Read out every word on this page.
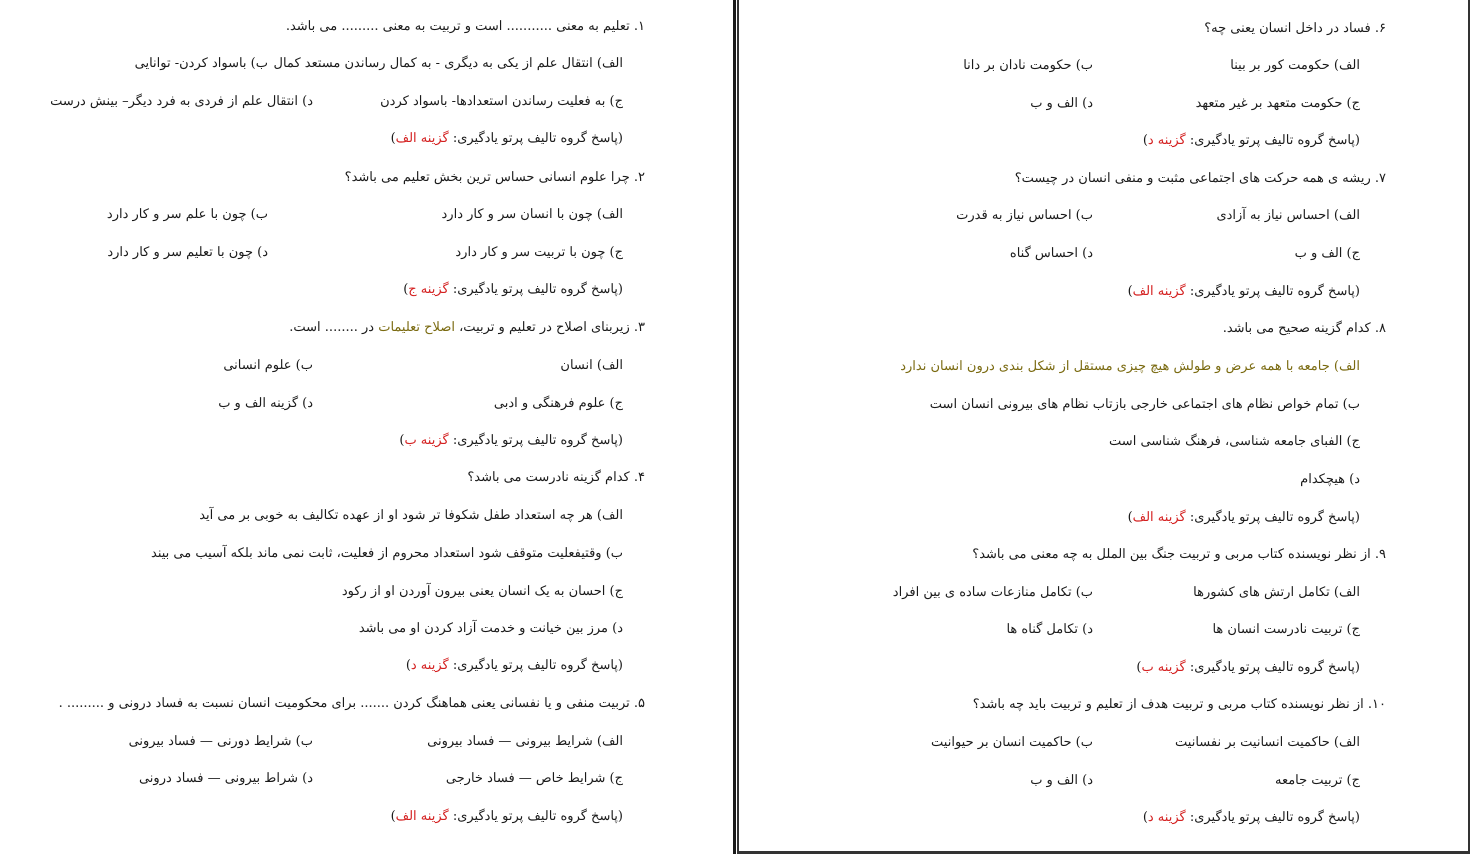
۱. تعلیم به معنی ........... است و تربیت به معنی ......... می باشد.
الف) انتقال علم از یکی به دیگری - به کمال رساندن مستعد کمال
ب) باسواد کردن- توانایی
ج) به فعلیت رساندن استعدادها- باسواد کردن
د) انتقال علم از فردی به فرد دیگر– بینش درست
(پاسخ گروه تالیف پرتو یادگیری: گزینه الف)
۲. چرا علوم انسانی حساس ترین بخش تعلیم می باشد؟
الف) چون با انسان سر و کار دارد
ب) چون با علم سر و کار دارد
ج) چون با تربیت سر و کار دارد
د) چون با تعلیم سر و کار دارد
(پاسخ گروه تالیف پرتو یادگیری: گزینه ج)
۳. زیربنای اصلاح در تعلیم و تربیت، اصلاح تعلیمات در ........ است.
الف) انسان
ب) علوم انسانی
ج) علوم فرهنگی و ادبی
د) گزینه الف و ب
(پاسخ گروه تالیف پرتو یادگیری: گزینه ب)
۴. کدام گزینه نادرست می باشد؟
الف) هر چه استعداد طفل شکوفا تر شود او از عهده تکالیف به خوبی بر می آید
ب) وقتیفعلیت متوقف شود استعداد محروم از فعلیت، ثابت نمی ماند بلکه آسیب می بیند
ج) احسان به یک انسان یعنی بیرون آوردن او از رکود
د) مرز بین خیانت و خدمت آزاد کردن او می باشد
(پاسخ گروه تالیف پرتو یادگیری: گزینه د)
۵. تربیت منفی و یا نفسانی یعنی هماهنگ کردن ....... برای محکومیت انسان نسبت به فساد درونی و ......... .
الف) شرایط بیرونی — فساد بیرونی
ب) شرایط دورنی — فساد بیرونی
ج) شرایط خاص — فساد خارجی
د) شراط بیرونی — فساد درونی
(پاسخ گروه تالیف پرتو یادگیری: گزینه الف)
۶. فساد در داخل انسان یعنی چه؟
الف) حکومت کور بر بینا
ب) حکومت نادان بر دانا
ج) حکومت متعهد بر غیر متعهد
د) الف و ب
(پاسخ گروه تالیف پرتو یادگیری: گزینه د)
۷. ریشه ی همه حرکت های اجتماعی مثبت و منفی انسان در چیست؟
الف) احساس نیاز به آزادی
ب) احساس نیاز به قدرت
ج) الف و ب
د) احساس گناه
(پاسخ گروه تالیف پرتو یادگیری: گزینه الف)
۸. کدام گزینه صحیح می باشد.
الف) جامعه با همه عرض و طولش هیچ چیزی مستقل از شکل بندی درون انسان ندارد
ب) تمام خواص نظام های اجتماعی خارجی بازتاب نظام های بیرونی انسان است
ج) الفبای جامعه شناسی، فرهنگ شناسی است
د) هیچکدام
(پاسخ گروه تالیف پرتو یادگیری: گزینه الف)
۹. از نظر نویسنده کتاب مربی و تربیت جنگ بین الملل به چه معنی می باشد؟
الف) تکامل ارتش های کشورها
ب) تکامل منازعات ساده ی بین افراد
ج) تربیت نادرست انسان ها
د) تکامل گناه ها
(پاسخ گروه تالیف پرتو یادگیری: گزینه ب)
۱۰. از نظر نویسنده کتاب مربی و تربیت هدف از تعلیم و تربیت باید چه باشد؟
الف) حاکمیت انسانیت بر نفسانیت
ب) حاکمیت انسان بر حیوانیت
ج) تربیت جامعه
د) الف و ب
(پاسخ گروه تالیف پرتو یادگیری: گزینه د)
